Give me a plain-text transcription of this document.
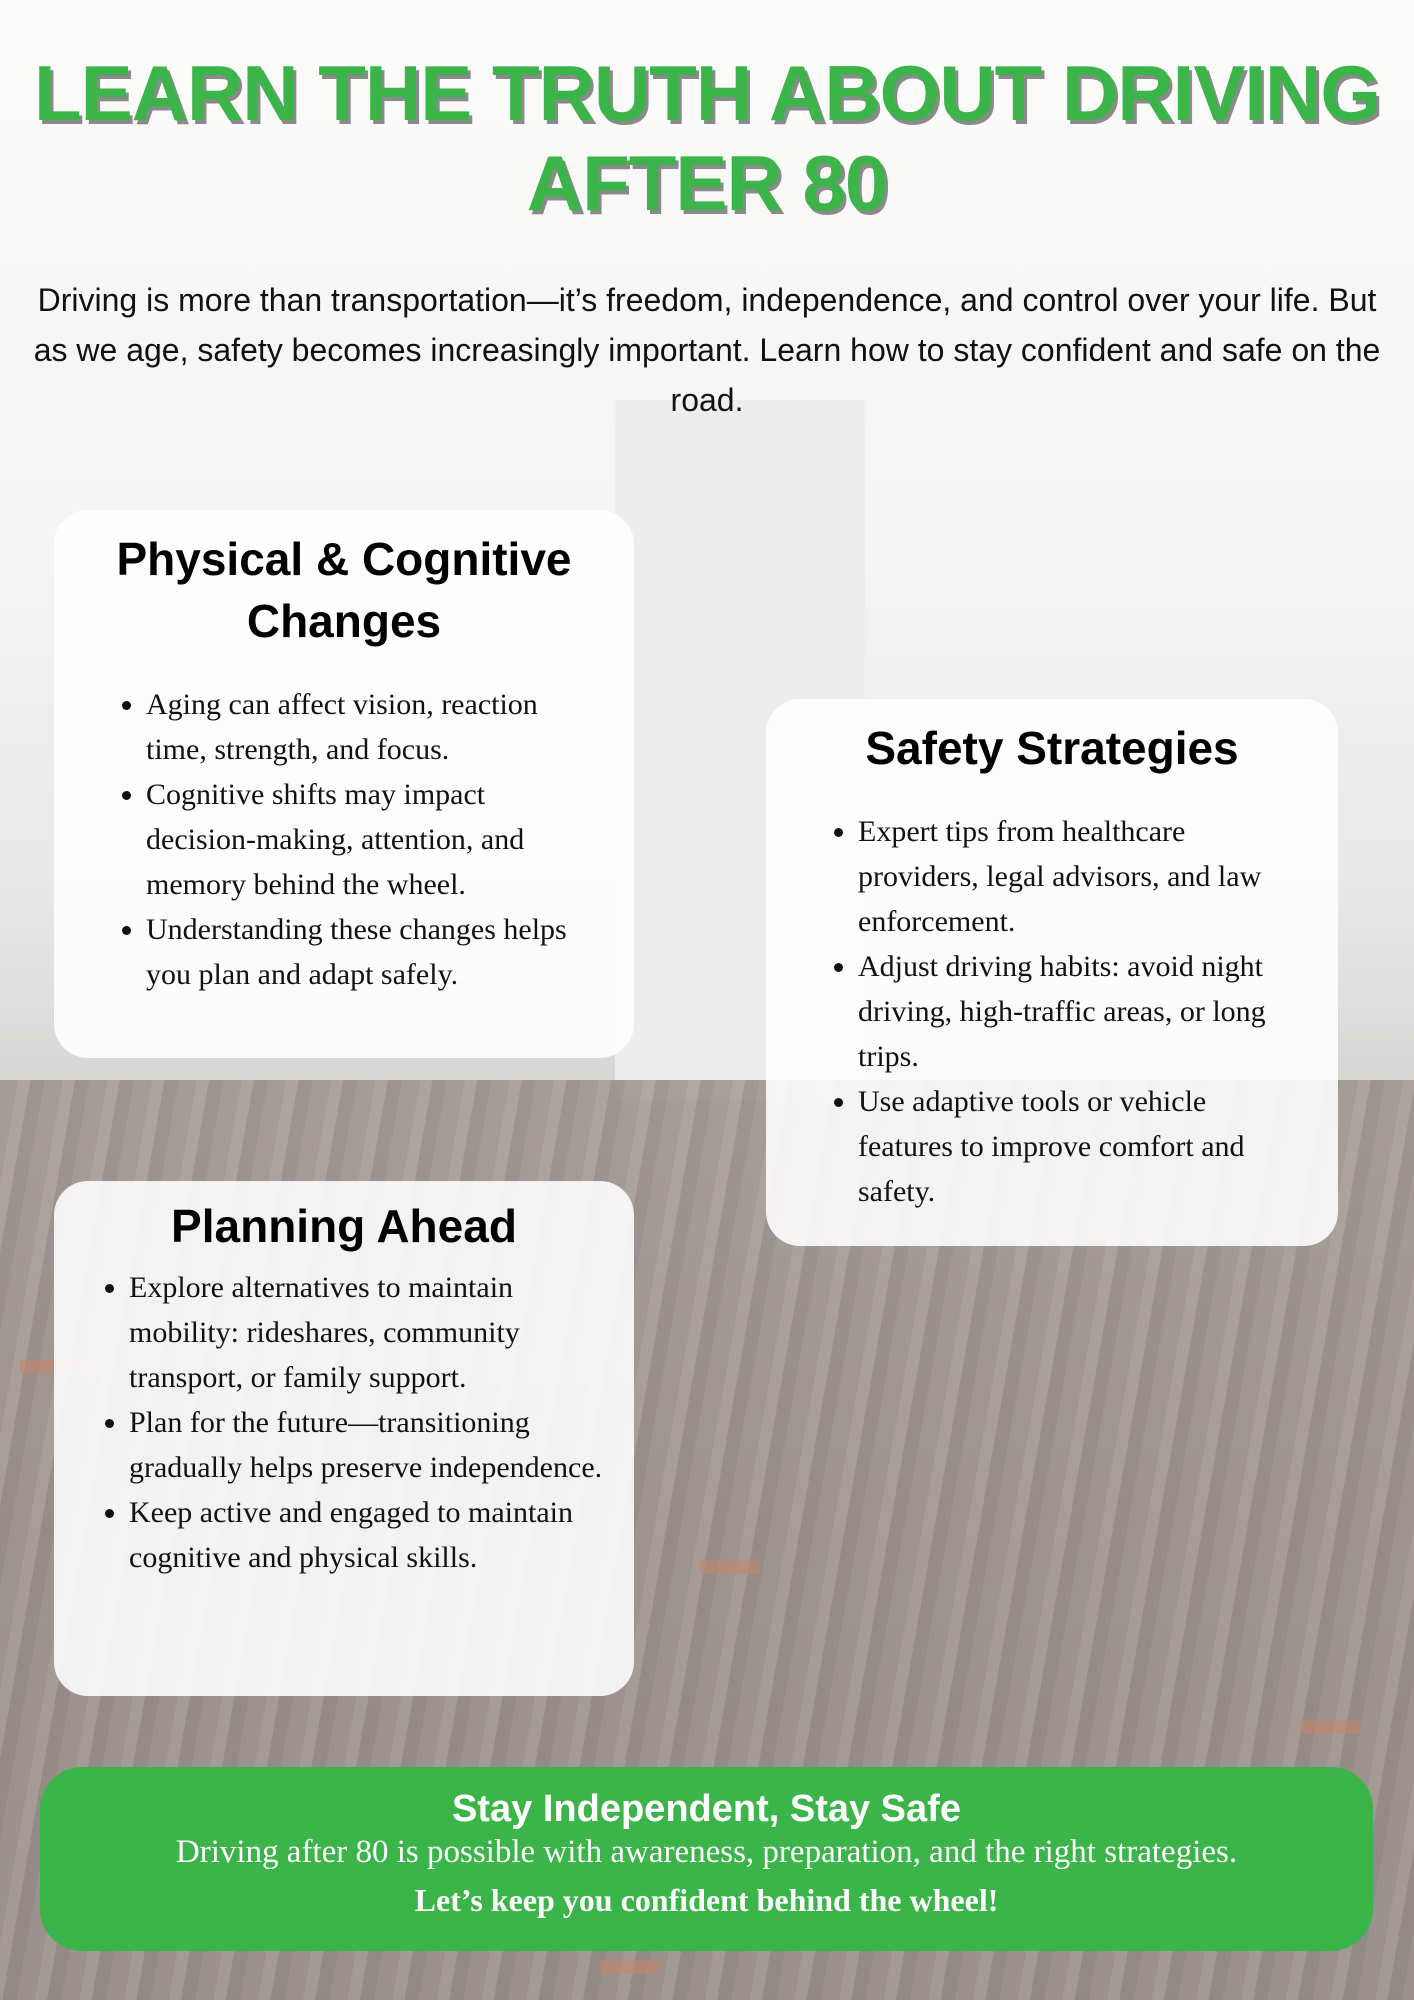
LEARN THE TRUTH ABOUT DRIVING AFTER 80

Driving is more than transportation—it’s freedom, independence, and control over your life. But as we age, safety becomes increasingly important. Learn how to stay confident and safe on the road.

Physical & Cognitive Changes
• Aging can affect vision, reaction time, strength, and focus.
• Cognitive shifts may impact decision-making, attention, and memory behind the wheel.
• Understanding these changes helps you plan and adapt safely.
Safety Strategies
• Expert tips from healthcare providers, legal advisors, and law enforcement.
• Adjust driving habits: avoid night driving, high-traffic areas, or long trips.
• Use adaptive tools or vehicle features to improve comfort and safety.
Planning Ahead
• Explore alternatives to maintain mobility: rideshares, community transport, or family support.
• Plan for the future—transitioning gradually helps preserve independence.
• Keep active and engaged to maintain cognitive and physical skills.
Stay Independent, Stay Safe

Driving after 80 is possible with awareness, preparation, and the right strategies.

Let’s keep you confident behind the wheel!
